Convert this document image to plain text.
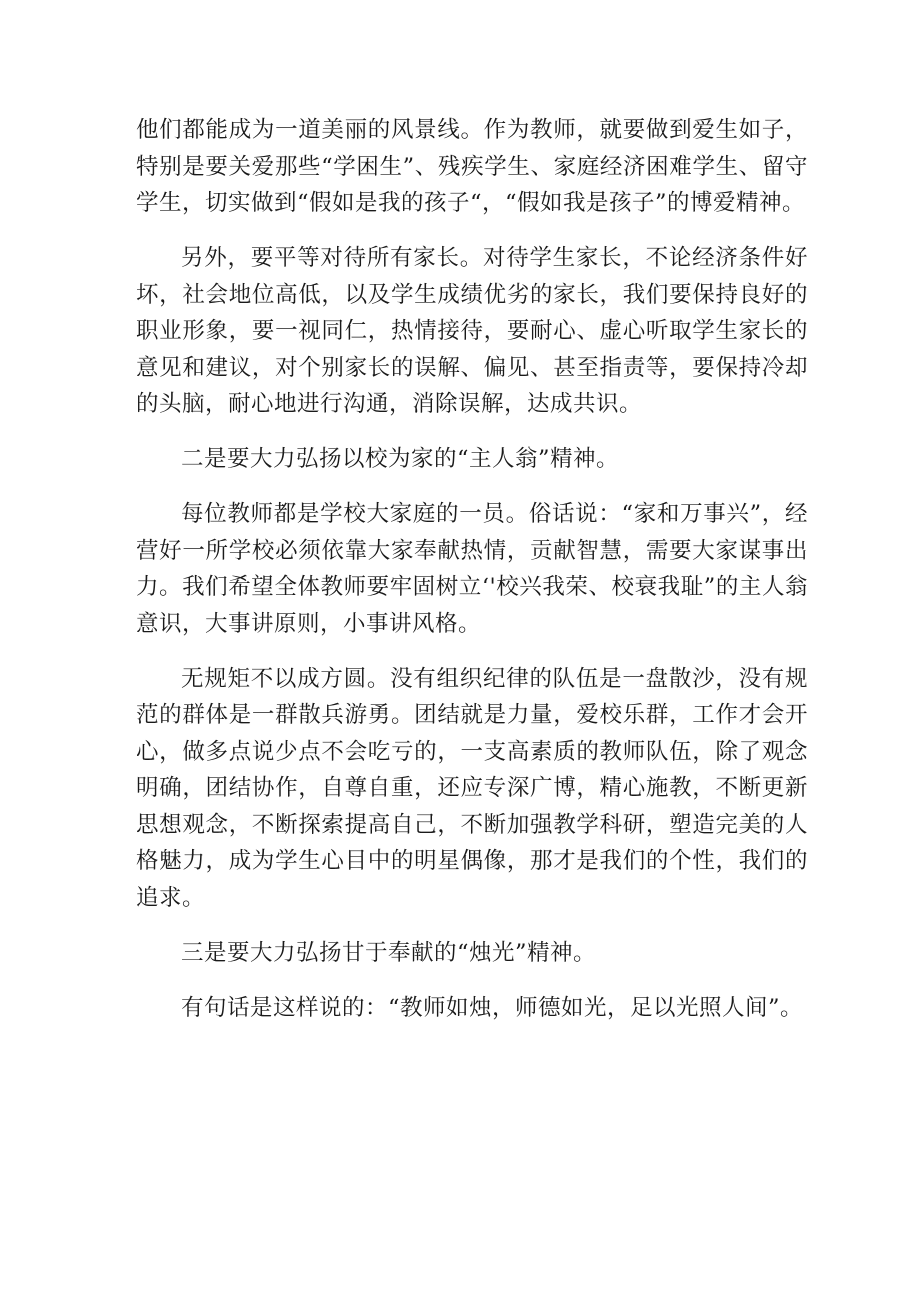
他们都能成为一道美丽的风景线。作为教师，就要做到爱生如子，特别是要关爱那些“学困生”、残疾学生、家庭经济困难学生、留守学生，切实做到“假如是我的孩子“，“假如我是孩子”的博爱精神。

另外，要平等对待所有家长。对待学生家长，不论经济条件好坏，社会地位高低，以及学生成绩优劣的家长，我们要保持良好的职业形象，要一视同仁，热情接待，要耐心、虚心听取学生家长的意见和建议，对个别家长的误解、偏见、甚至指责等，要保持冷却的头脑，耐心地进行沟通，消除误解，达成共识。

二是要大力弘扬以校为家的“主人翁”精神。

每位教师都是学校大家庭的一员。俗话说：“家和万事兴”，经营好一所学校必须依靠大家奉献热情，贡献智慧，需要大家谋事出力。我们希望全体教师要牢固树立‘'校兴我荣、校衰我耻”的主人翁意识，大事讲原则，小事讲风格。

无规矩不以成方圆。没有组织纪律的队伍是一盘散沙，没有规范的群体是一群散兵游勇。团结就是力量，爱校乐群，工作才会开心，做多点说少点不会吃亏的，一支高素质的教师队伍，除了观念明确，团结协作，自尊自重，还应专深广博，精心施教，不断更新思想观念，不断探索提高自己，不断加强教学科研，塑造完美的人格魅力，成为学生心目中的明星偶像，那才是我们的个性，我们的追求。

三是要大力弘扬甘于奉献的“烛光”精神。

有句话是这样说的：“教师如烛，师德如光，足以光照人间”。
